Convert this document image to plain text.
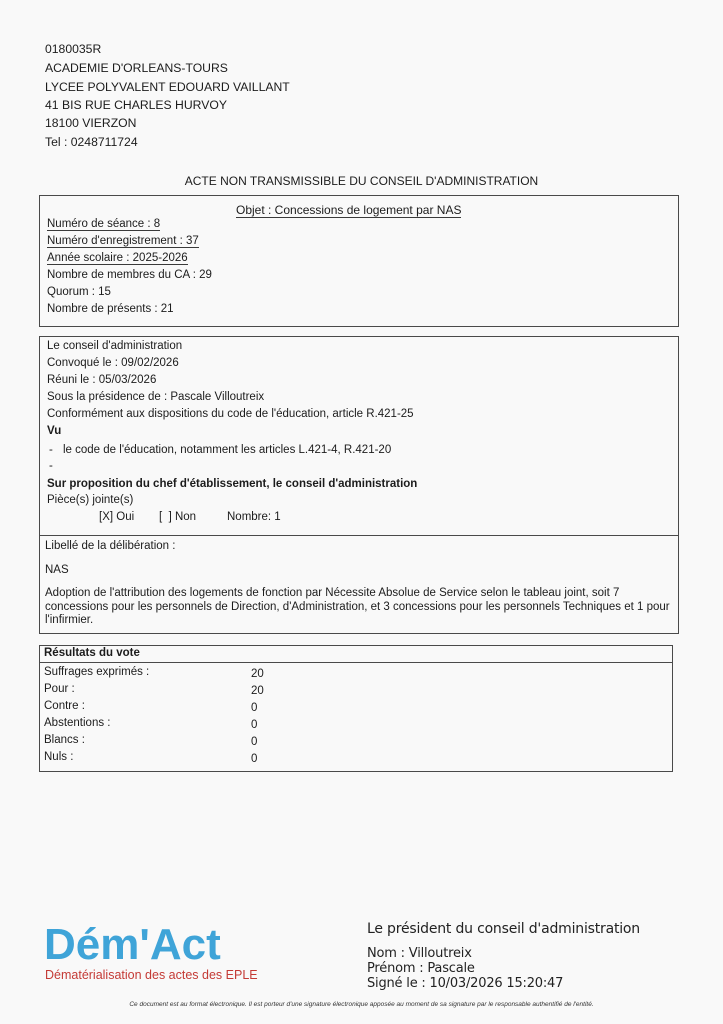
0180035R
ACADEMIE D'ORLEANS-TOURS
LYCEE POLYVALENT EDOUARD VAILLANT
41 BIS RUE CHARLES HURVOY
18100 VIERZON
Tel : 0248711724
ACTE NON TRANSMISSIBLE DU CONSEIL D'ADMINISTRATION
Objet : Concessions de logement par NAS
Numéro de séance : 8
Numéro d'enregistrement : 37
Année scolaire : 2025-2026
Nombre de membres du CA : 29
Quorum : 15
Nombre de présents : 21
Le conseil d'administration
Convoqué le : 09/02/2026
Réuni le : 05/03/2026
Sous la présidence de : Pascale Villoutreix
Conformément aux dispositions du code de l'éducation, article R.421-25
Vu
- le code de l'éducation, notamment les articles L.421-4, R.421-20
-
Sur proposition du chef d'établissement, le conseil d'administration
Pièce(s) jointe(s)
[X] Oui [  ] Non	Nombre: 1
Libellé de la délibération :
NAS
Adoption de l'attribution des logements de fonction par Nécessite Absolue de Service selon le tableau joint, soit 7 concessions pour les personnels de Direction, d'Administration, et 3 concessions pour les personnels Techniques et 1 pour l'infirmier.
Résultats du vote
Suffrages exprimés :	20
Pour :	20
Contre :	0
Abstentions :	0
Blancs :	0
Nuls :	0
Dém'Act
Dématérialisation des actes des EPLE
Le président du conseil d'administration
Nom : Villoutreix
Prénom : Pascale
Signé le : 10/03/2026 15:20:47
Ce document est au format électronique. Il est porteur d'une signature électronique apposée au moment de sa signature par le responsable authentifié de l'entité.
